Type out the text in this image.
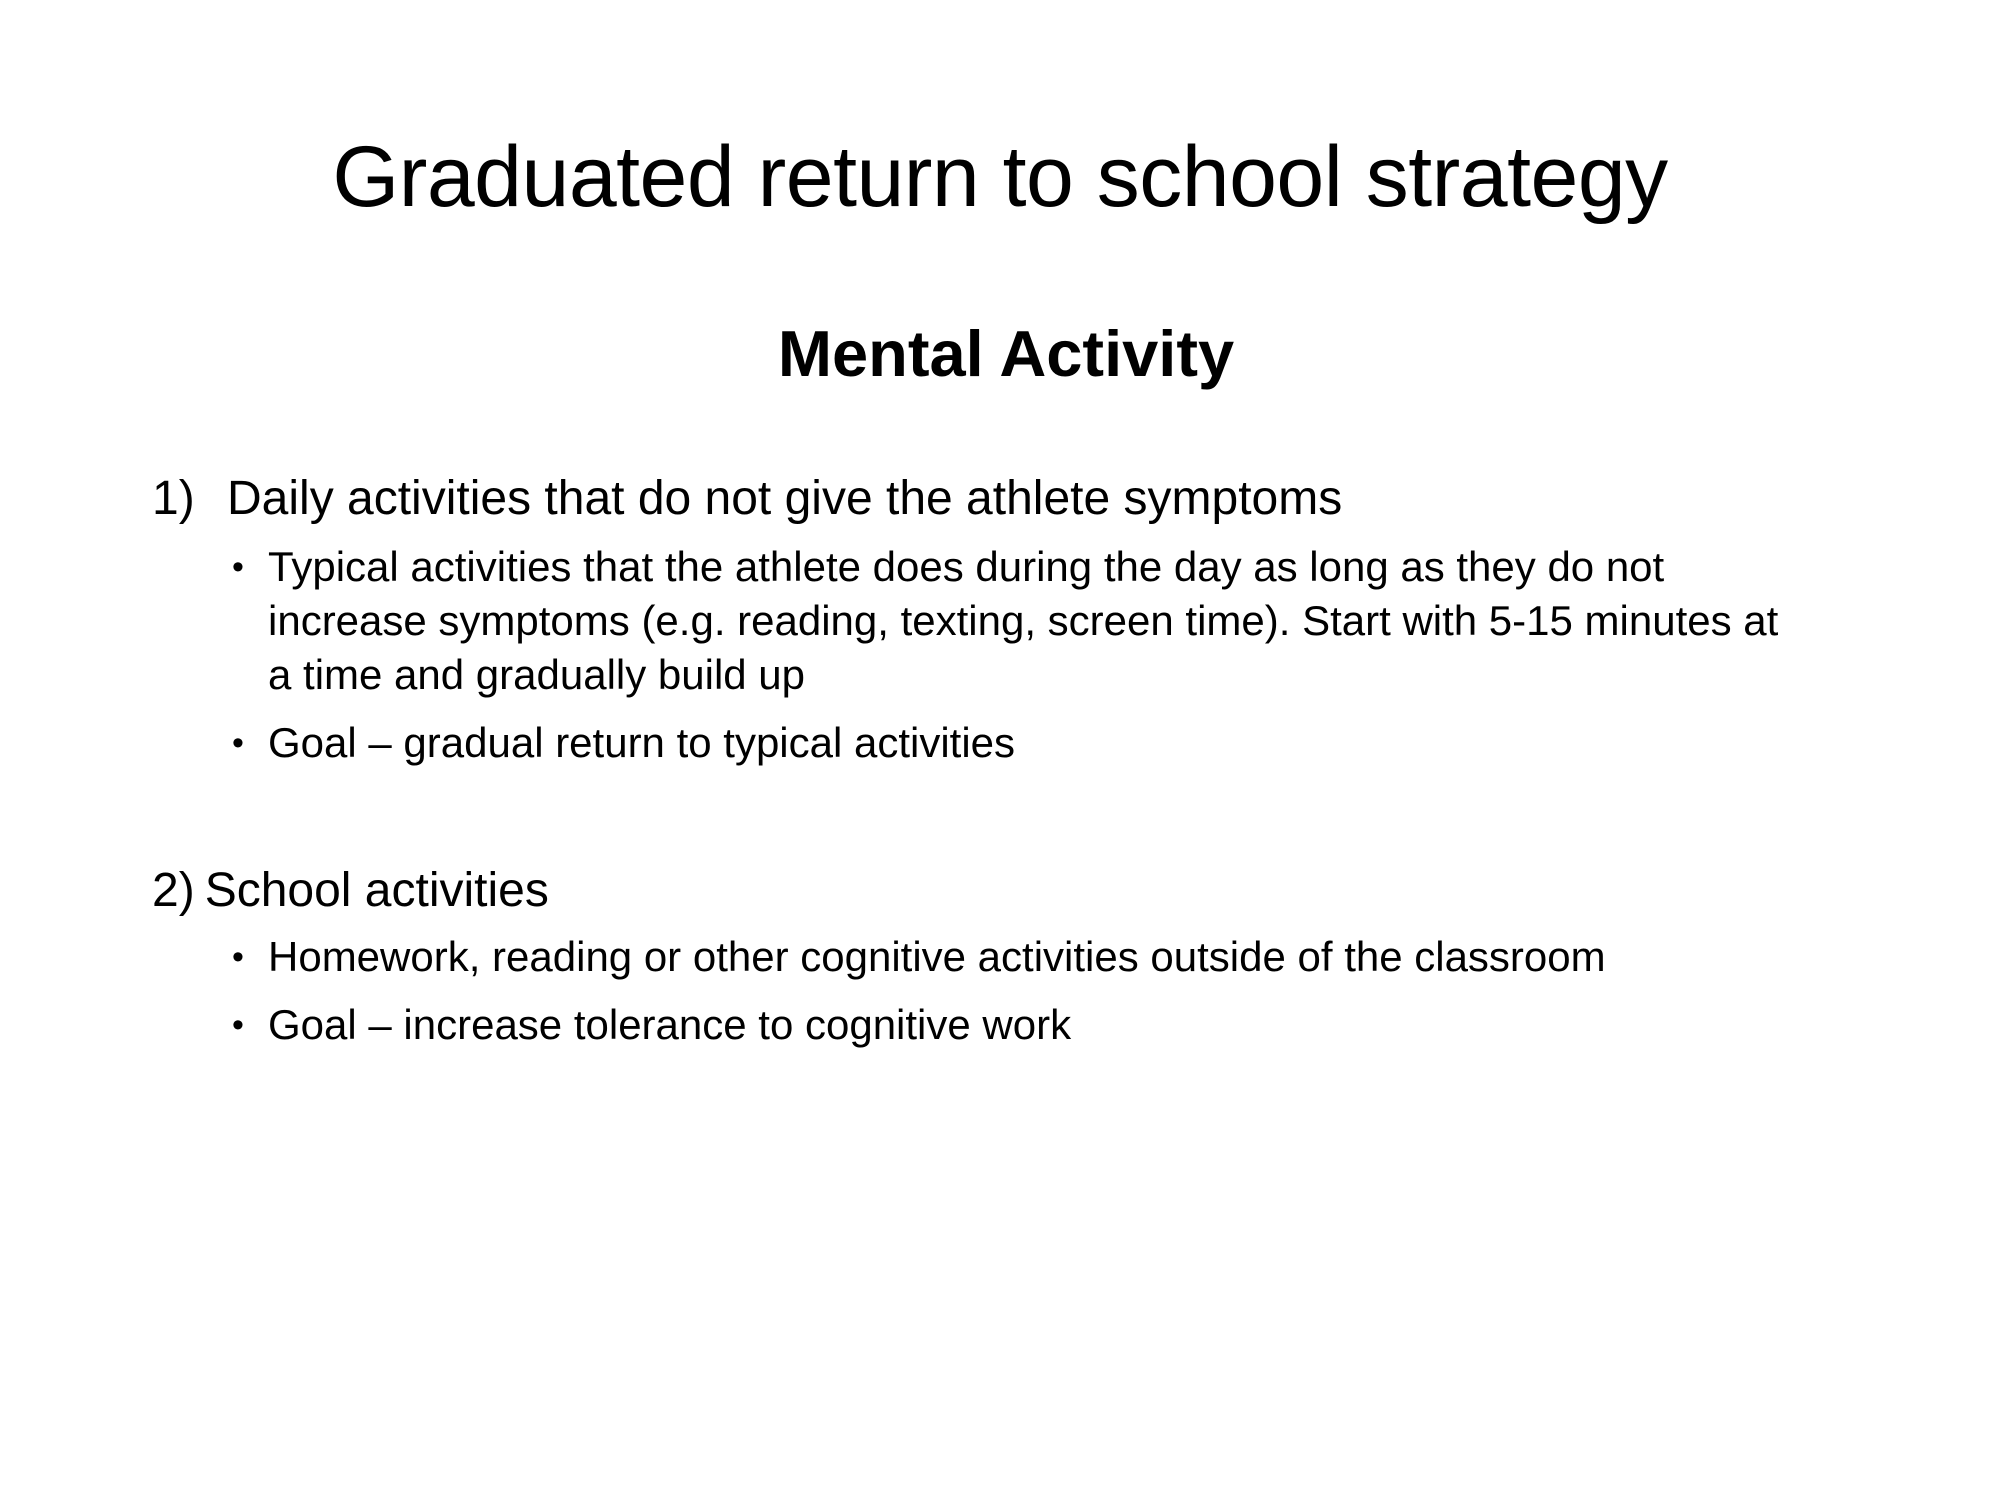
Graduated return to school strategy
Mental Activity
1) Daily activities that do not give the athlete symptoms
• Typical activities that the athlete does during the day as long as they do not increase symptoms (e.g. reading, texting, screen time). Start with 5-15 minutes at a time and gradually build up
• Goal – gradual return to typical activities
2) School activities
• Homework, reading or other cognitive activities outside of the classroom
• Goal – increase tolerance to cognitive work
